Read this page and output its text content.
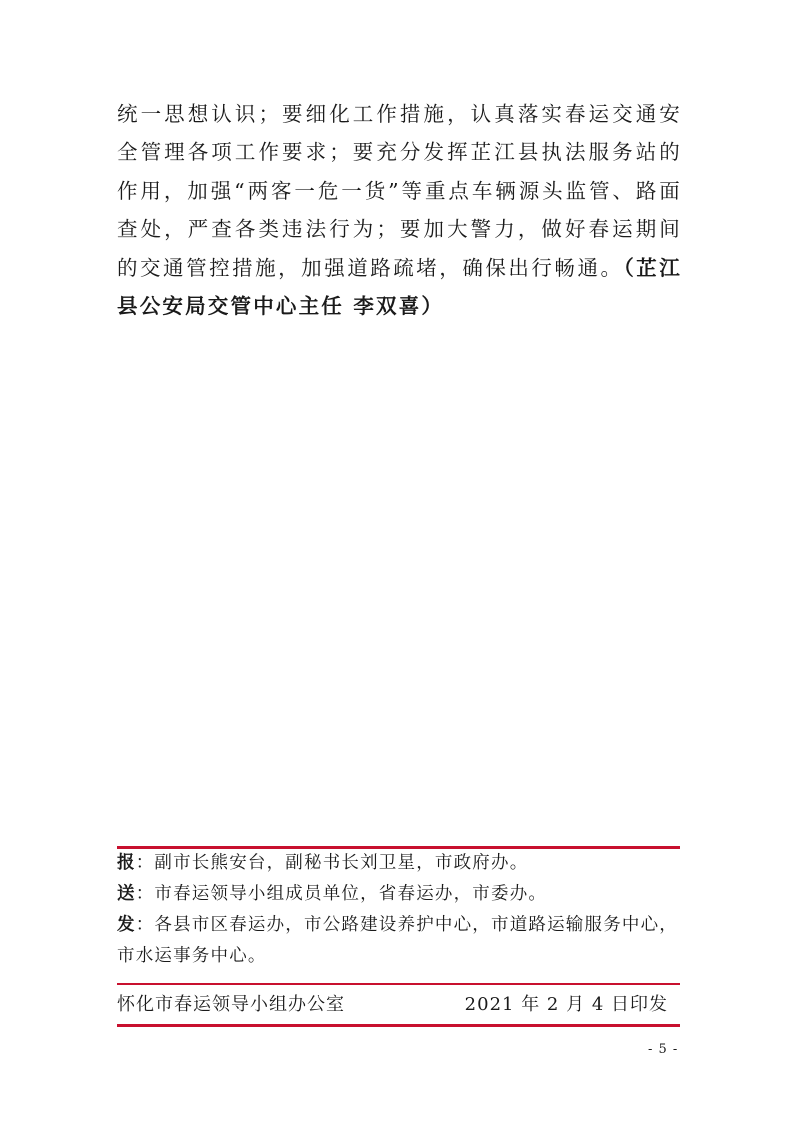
统一思想认识；要细化工作措施，认真落实春运交通安全管理各项工作要求；要充分发挥芷江县执法服务站的作用，加强“两客一危一货”等重点车辆源头监管、路面查处，严查各类违法行为；要加大警力，做好春运期间的交通管控措施，加强道路疏堵，确保出行畅通。（芷江县公安局交管中心主任 李双喜）

报：副市长熊安台，副秘书长刘卫星，市政府办。
送：市春运领导小组成员单位，省春运办，市委办。
发：各县市区春运办，市公路建设养护中心，市道路运输服务中心，市水运事务中心。
怀化市春运领导小组办公室	2021 年 2 月 4 日印发
- 5 -
